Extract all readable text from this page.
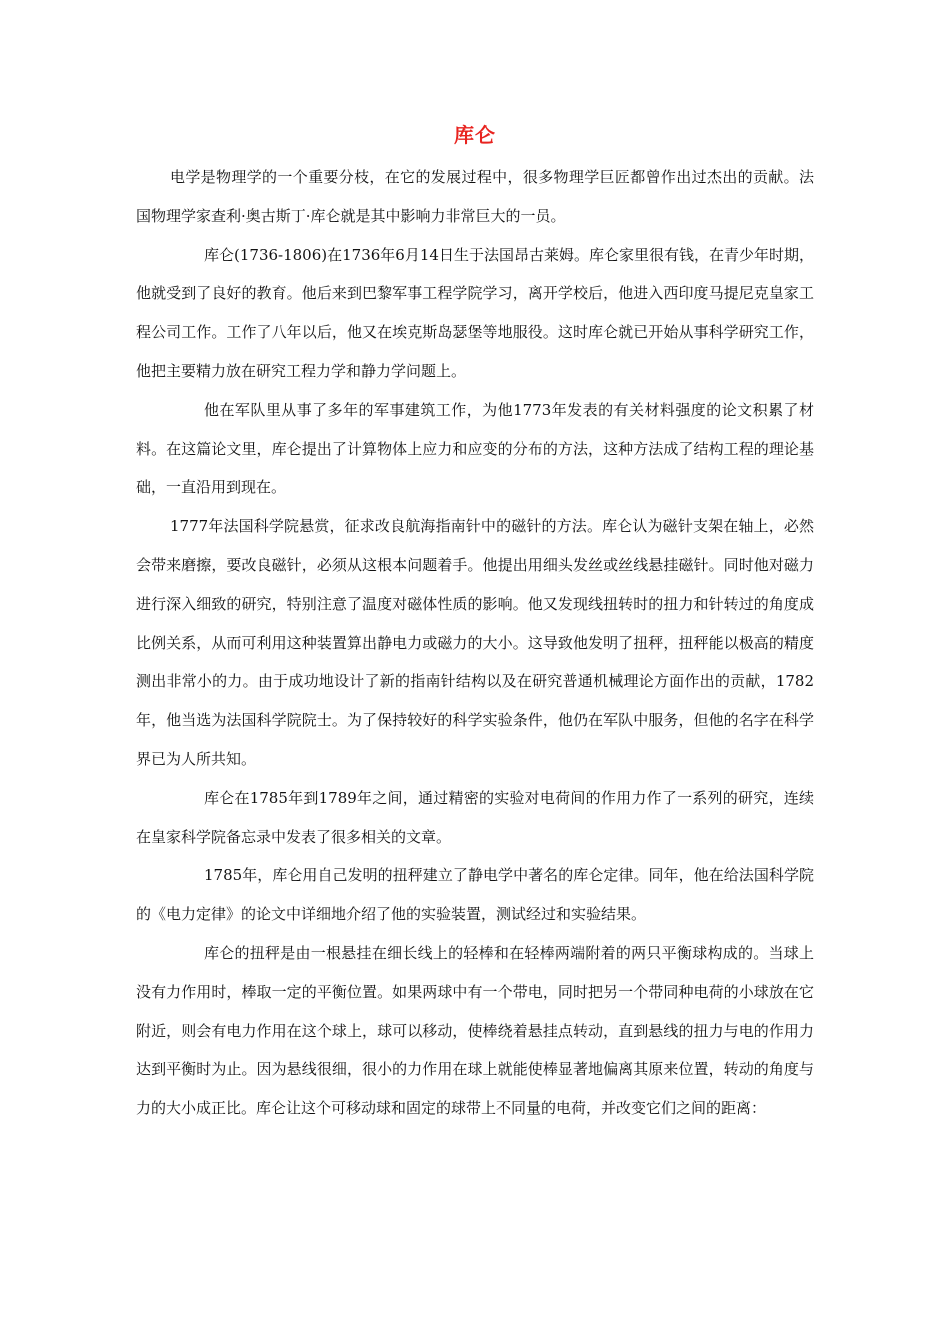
库仑

电学是物理学的一个重要分枝，在它的发展过程中，很多物理学巨匠都曾作出过杰出的贡献。法国物理学家查利·奥古斯丁·库仑就是其中影响力非常巨大的一员。

库仑(1736-1806)在1736年6月14日生于法国昂古莱姆。库仑家里很有钱，在青少年时期，他就受到了良好的教育。他后来到巴黎军事工程学院学习，离开学校后，他进入西印度马提尼克皇家工程公司工作。工作了八年以后，他又在埃克斯岛瑟堡等地服役。这时库仑就已开始从事科学研究工作，他把主要精力放在研究工程力学和静力学问题上。

他在军队里从事了多年的军事建筑工作，为他1773年发表的有关材料强度的论文积累了材料。在这篇论文里，库仑提出了计算物体上应力和应变的分布的方法，这种方法成了结构工程的理论基础，一直沿用到现在。

1777年法国科学院悬赏，征求改良航海指南针中的磁针的方法。库仑认为磁针支架在轴上，必然会带来磨擦，要改良磁针，必须从这根本问题着手。他提出用细头发丝或丝线悬挂磁针。同时他对磁力进行深入细致的研究，特别注意了温度对磁体性质的影响。他又发现线扭转时的扭力和针转过的角度成比例关系，从而可利用这种装置算出静电力或磁力的大小。这导致他发明了扭秤，扭秤能以极高的精度测出非常小的力。由于成功地设计了新的指南针结构以及在研究普通机械理论方面作出的贡献，1782年，他当选为法国科学院院士。为了保持较好的科学实验条件，他仍在军队中服务，但他的名字在科学界已为人所共知。

库仑在1785年到1789年之间，通过精密的实验对电荷间的作用力作了一系列的研究，连续在皇家科学院备忘录中发表了很多相关的文章。

1785年，库仑用自己发明的扭秤建立了静电学中著名的库仑定律。同年，他在给法国科学院的《电力定律》的论文中详细地介绍了他的实验装置，测试经过和实验结果。

库仑的扭秤是由一根悬挂在细长线上的轻棒和在轻棒两端附着的两只平衡球构成的。当球上没有力作用时，棒取一定的平衡位置。如果两球中有一个带电，同时把另一个带同种电荷的小球放在它附近，则会有电力作用在这个球上，球可以移动，使棒绕着悬挂点转动，直到悬线的扭力与电的作用力达到平衡时为止。因为悬线很细，很小的力作用在球上就能使棒显著地偏离其原来位置，转动的角度与力的大小成正比。库仑让这个可移动球和固定的球带上不同量的电荷，并改变它们之间的距离：
